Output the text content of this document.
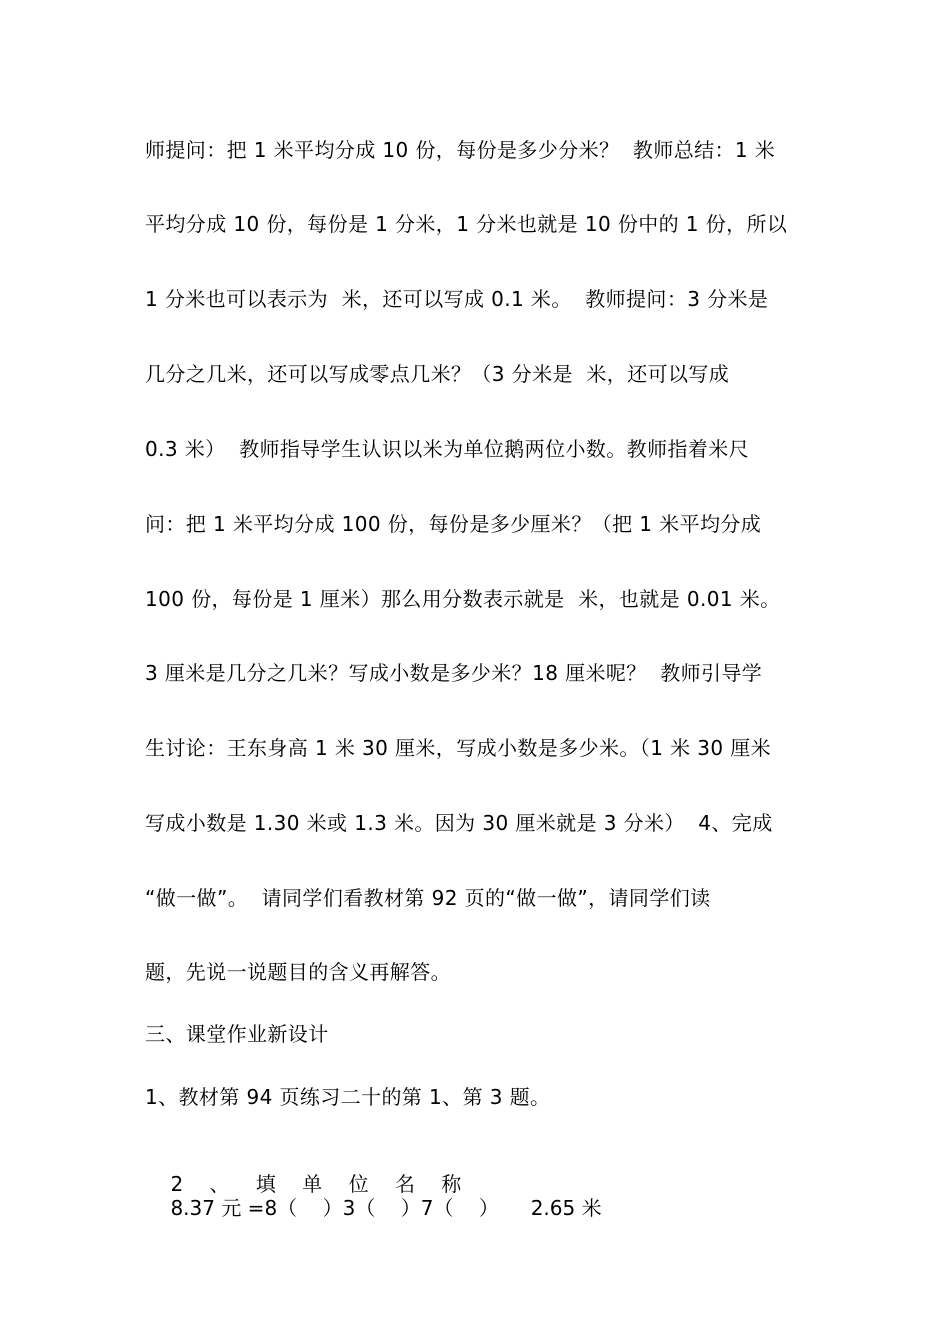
师提问：把 1 米平均分成 10 份，每份是多少分米？  教师总结：1 米
平均分成 10 份，每份是 1 分米，1 分米也就是 10 份中的 1 份，所以
1 分米也可以表示为  米，还可以写成 0.1 米。  教师提问：3 分米是
几分之几米，还可以写成零点几米？（3 分米是  米，还可以写成
0.3 米）  教师指导学生认识以米为单位鹅两位小数。教师指着米尺
问：把 1 米平均分成 100 份，每份是多少厘米？（把 1 米平均分成
100 份，每份是 1 厘米）那么用分数表示就是  米，也就是 0.01 米。
3 厘米是几分之几米？写成小数是多少米？18 厘米呢？  教师引导学
生讨论：王东身高 1 米 30 厘米，写成小数是多少米。（1 米 30 厘米
写成小数是 1.30 米或 1.3 米。因为 30 厘米就是 3 分米）  4、完成
“做一做”。  请同学们看教材第 92 页的“做一做”，请同学们读
题，先说一说题目的含义再解答。
三、课堂作业新设计
1、教材第 94 页练习二十的第 1、第 3 题。

2 、 填 单 位 名 称
8.37 元 =8（    ）3（    ）7（    ）     2.65 米
